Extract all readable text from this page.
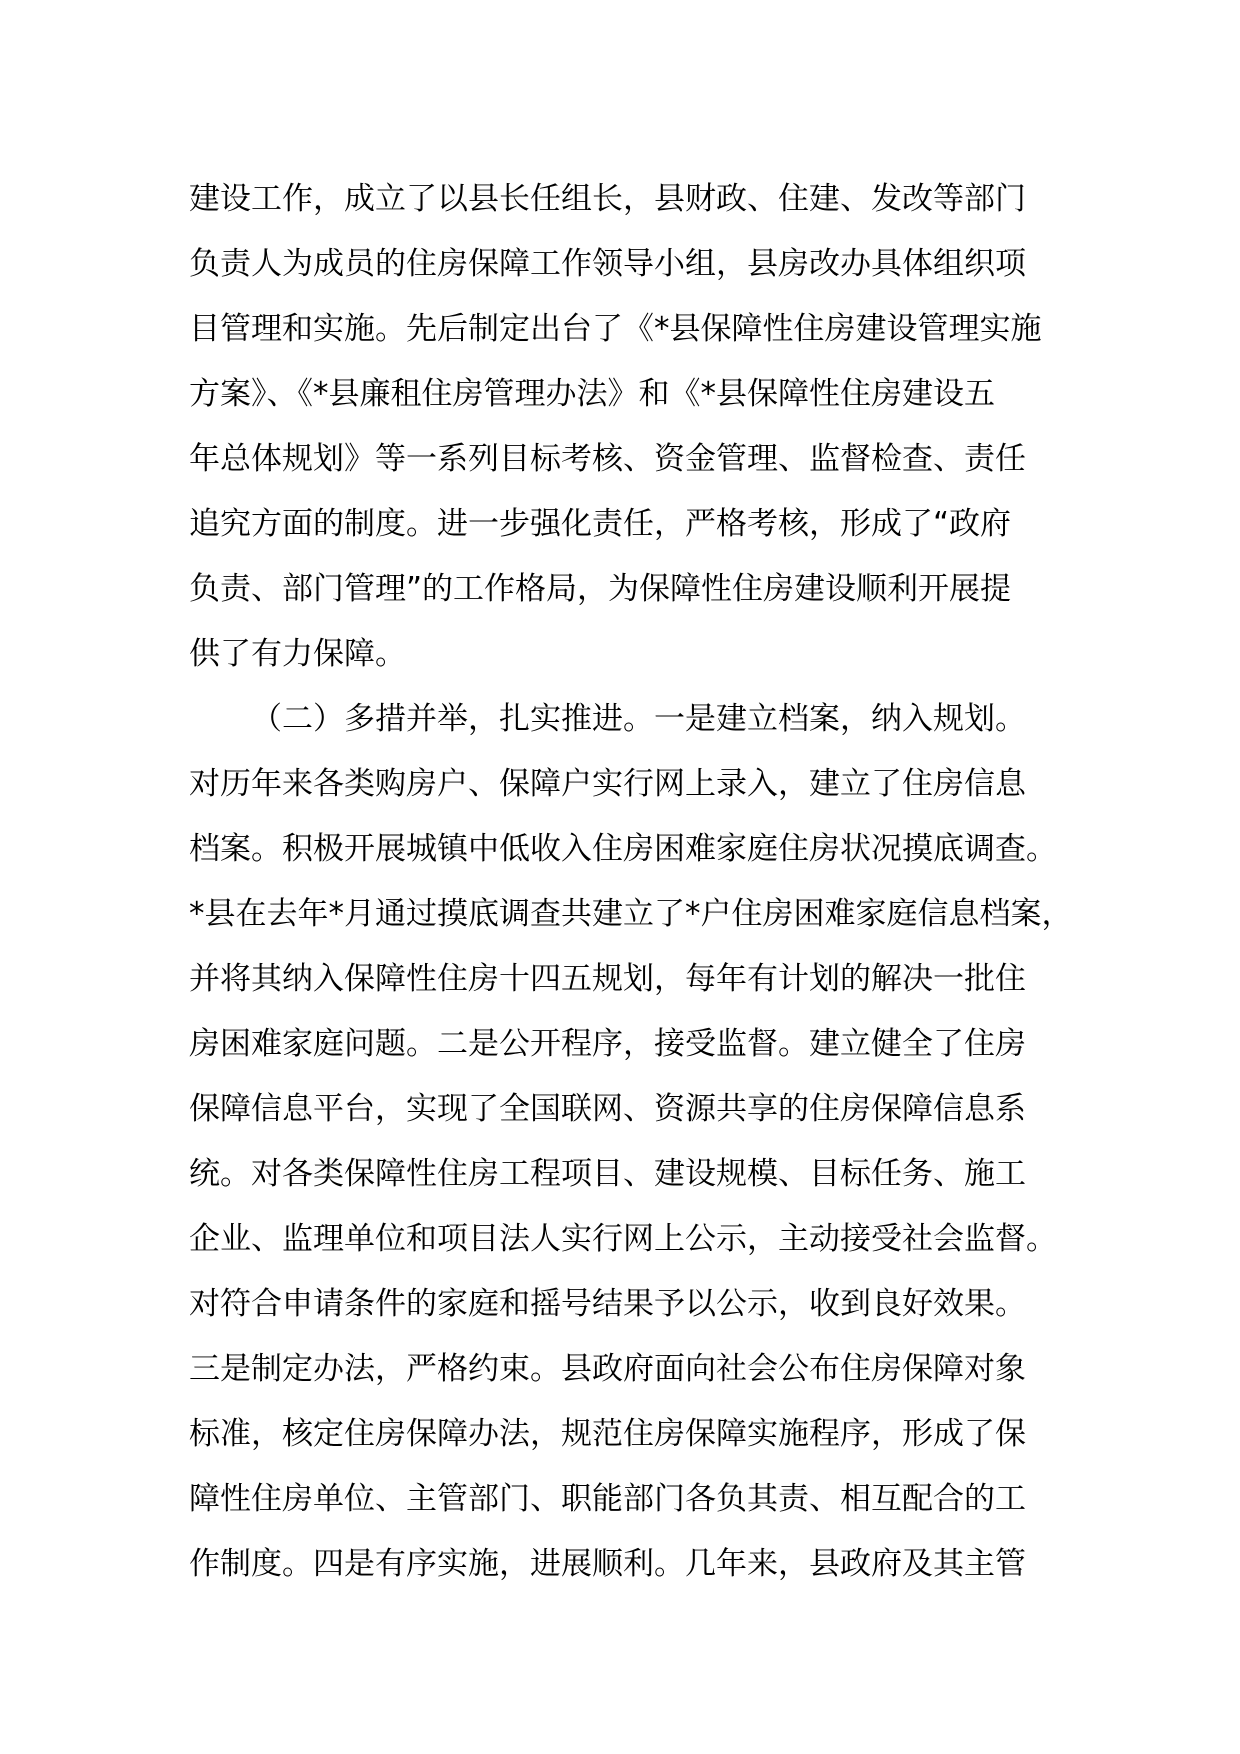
建设工作，成立了以县长任组长，县财政、住建、发改等部门
负责人为成员的住房保障工作领导小组，县房改办具体组织项
目管理和实施。先后制定出台了《*县保障性住房建设管理实施
方案》、《*县廉租住房管理办法》和《*县保障性住房建设五
年总体规划》等一系列目标考核、资金管理、监督检查、责任
追究方面的制度。进一步强化责任，严格考核，形成了“政府
负责、部门管理”的工作格局，为保障性住房建设顺利开展提
供了有力保障。
（二）多措并举，扎实推进。一是建立档案，纳入规划。
对历年来各类购房户、保障户实行网上录入，建立了住房信息
档案。积极开展城镇中低收入住房困难家庭住房状况摸底调查。
*县在去年*月通过摸底调查共建立了*户住房困难家庭信息档案，
并将其纳入保障性住房十四五规划，每年有计划的解决一批住
房困难家庭问题。二是公开程序，接受监督。建立健全了住房
保障信息平台，实现了全国联网、资源共享的住房保障信息系
统。对各类保障性住房工程项目、建设规模、目标任务、施工
企业、监理单位和项目法人实行网上公示，主动接受社会监督。
对符合申请条件的家庭和摇号结果予以公示，收到良好效果。
三是制定办法，严格约束。县政府面向社会公布住房保障对象
标准，核定住房保障办法，规范住房保障实施程序，形成了保
障性住房单位、主管部门、职能部门各负其责、相互配合的工
作制度。四是有序实施，进展顺利。几年来，县政府及其主管
